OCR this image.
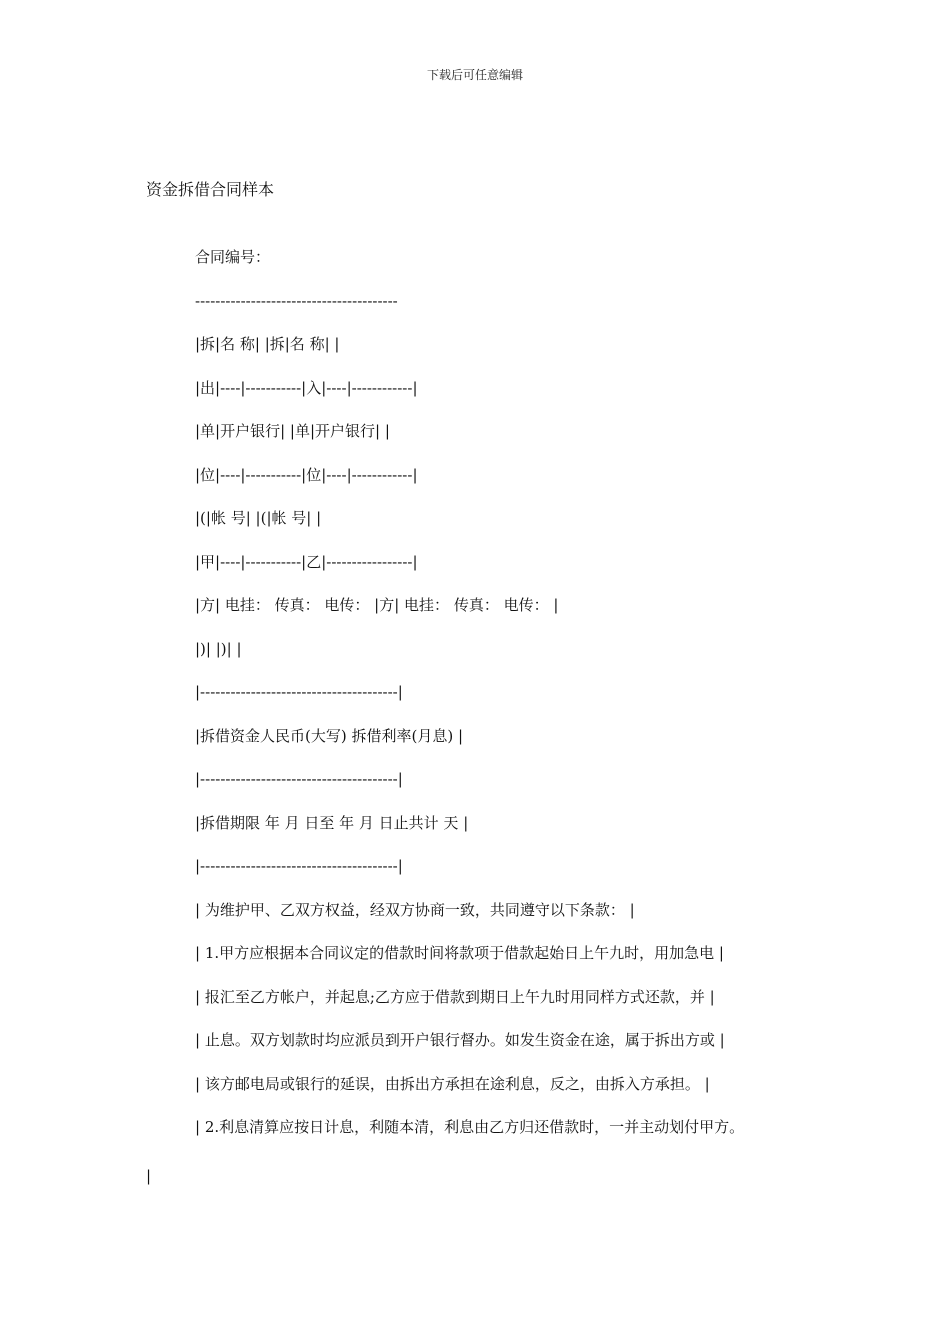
下载后可任意编辑
资金拆借合同样本
合同编号：
----------------------------------------
|拆|名 称| |拆|名 称| |
|出|----|-----------|入|----|------------|
|单|开户银行| |单|开户银行| |
|位|----|-----------|位|----|------------|
|(|帐 号| |(|帐 号| |
|甲|----|-----------|乙|-----------------|
|方| 电挂： 传真： 电传： |方| 电挂： 传真： 电传： |
|)| |)| |
|---------------------------------------|
|拆借资金人民币(大写) 拆借利率(月息) |
|---------------------------------------|
|拆借期限 年 月 日至 年 月 日止共计 天 |
|---------------------------------------|
| 为维护甲、乙双方权益，经双方协商一致，共同遵守以下条款： |
| 1.甲方应根据本合同议定的借款时间将款项于借款起始日上午九时，用加急电 |
| 报汇至乙方帐户，并起息;乙方应于借款到期日上午九时用同样方式还款，并 |
| 止息。双方划款时均应派员到开户银行督办。如发生资金在途，属于拆出方或 |
| 该方邮电局或银行的延误，由拆出方承担在途利息，反之，由拆入方承担。 |
| 2.利息清算应按日计息，利随本清，利息由乙方归还借款时，一并主动划付甲方。
|
